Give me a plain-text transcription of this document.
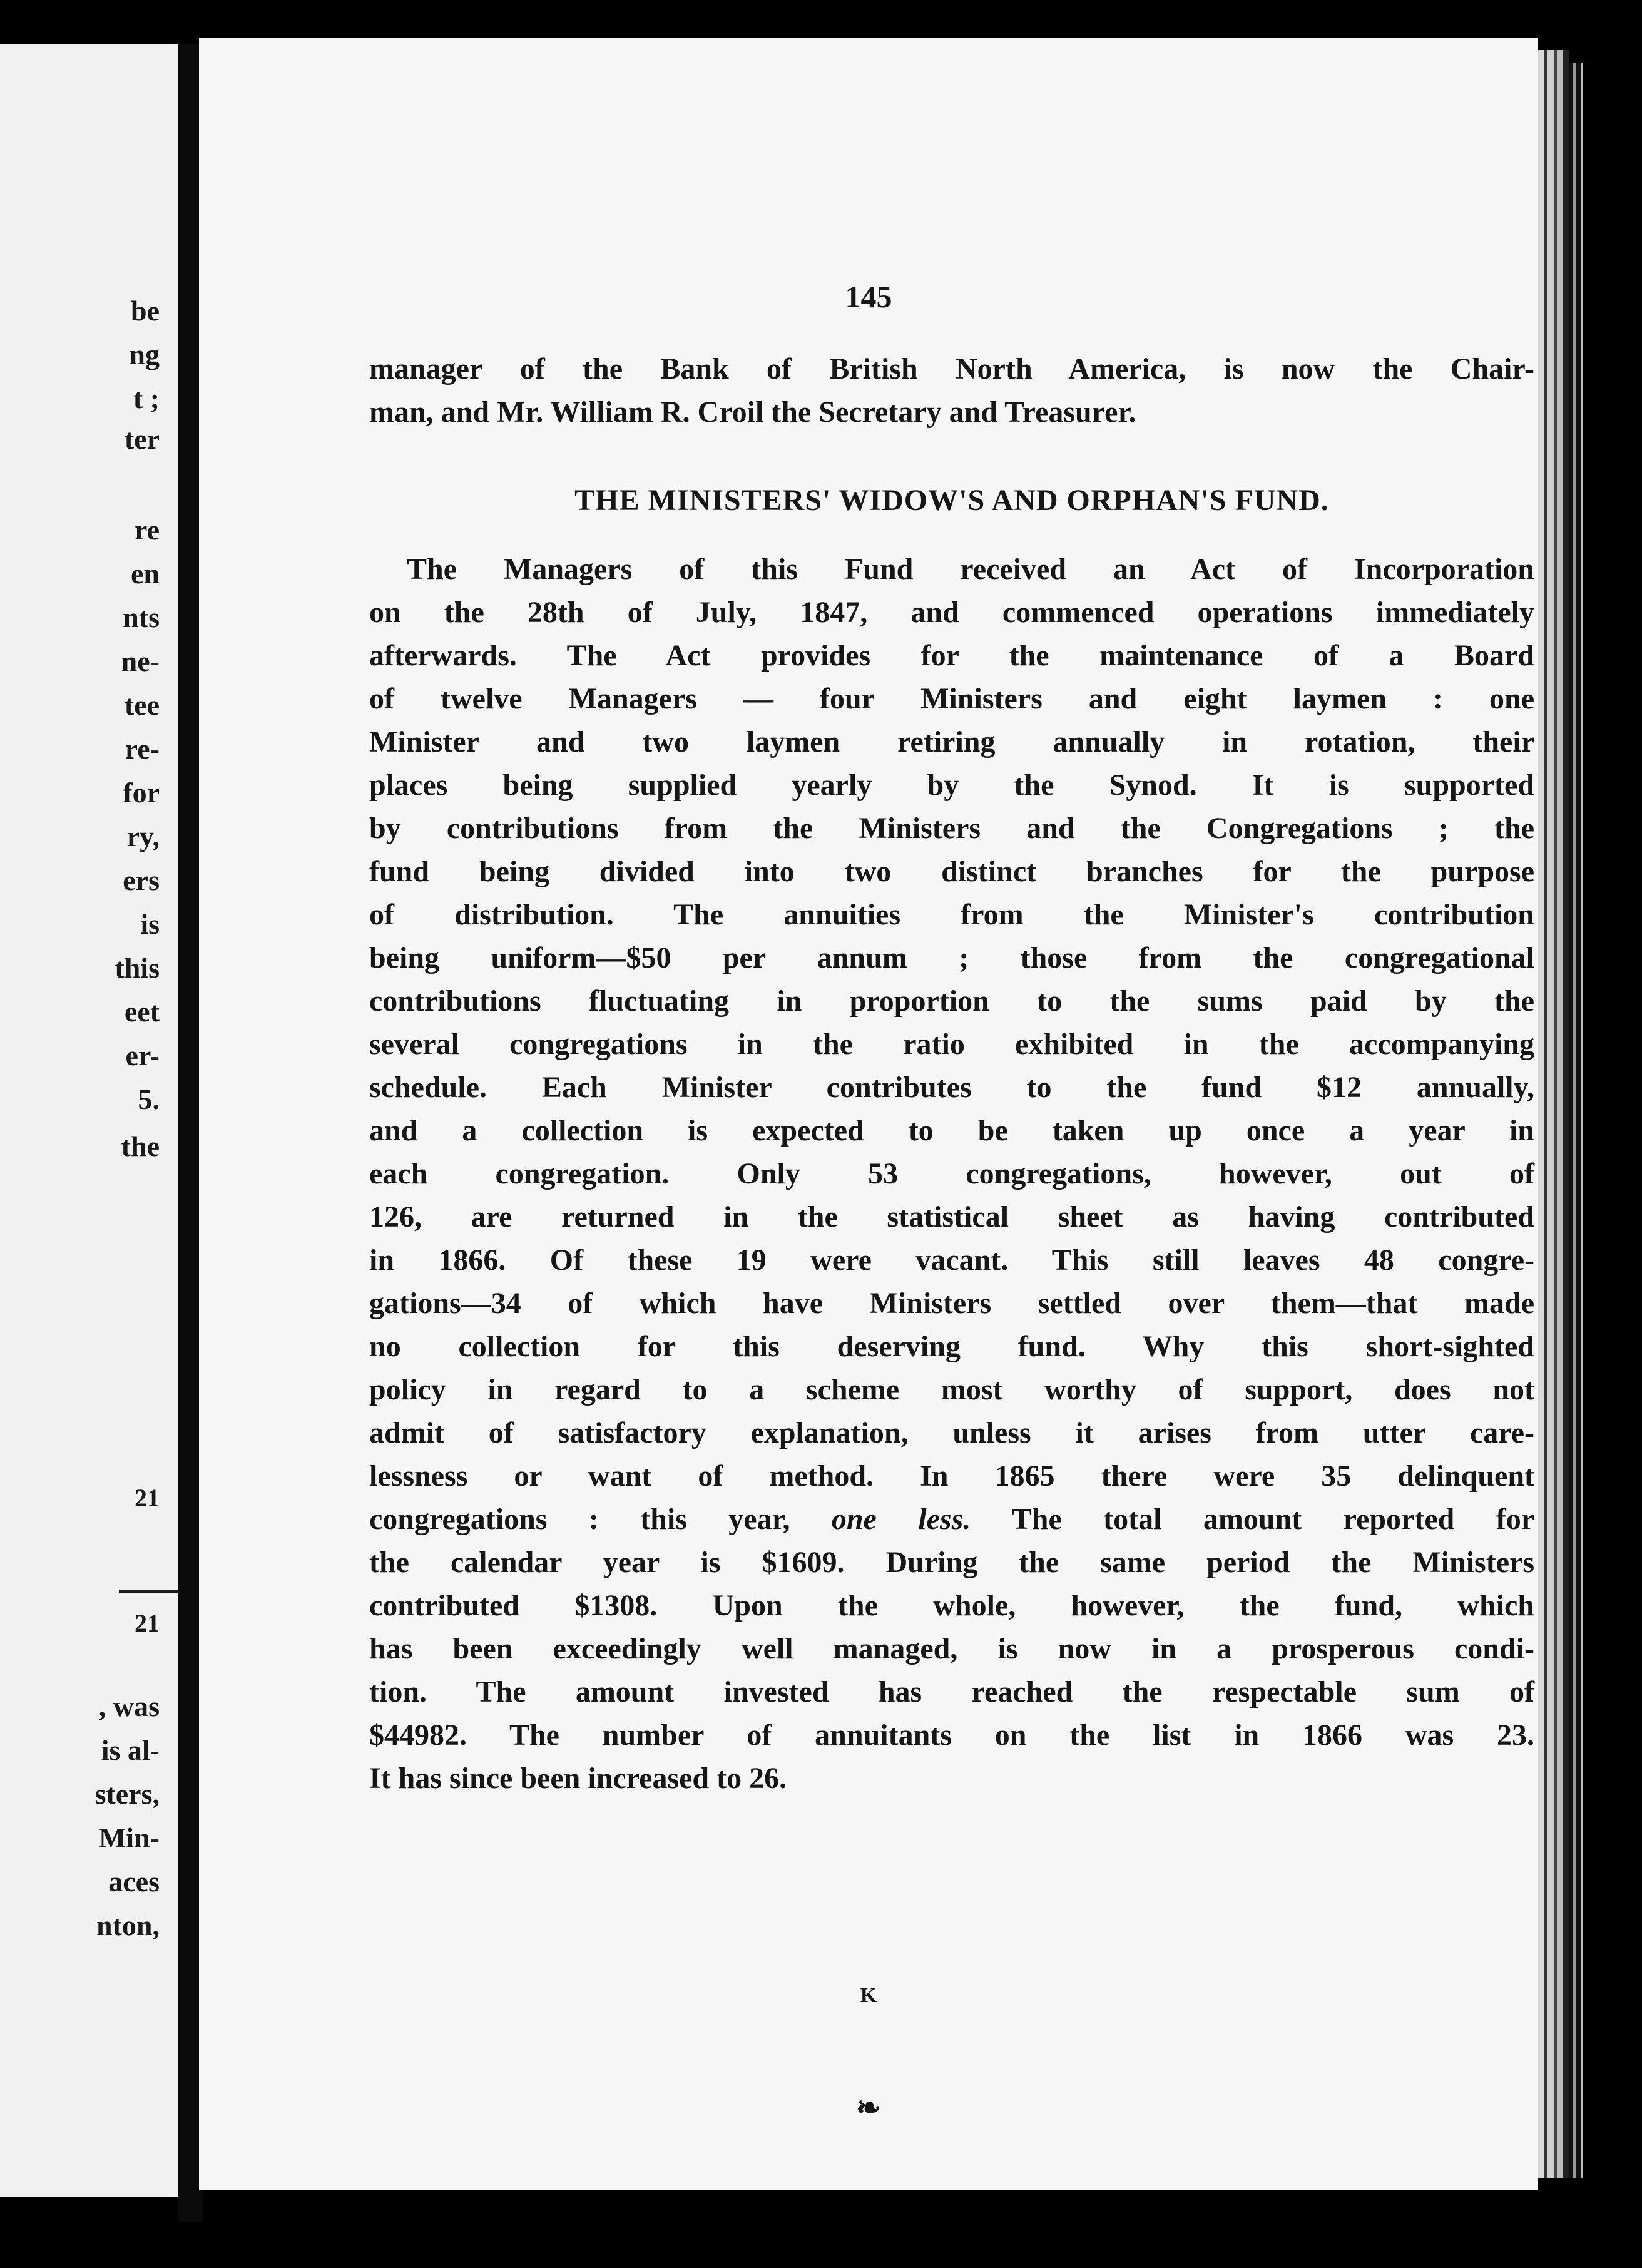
be

ng

t ;

ter

re

en

nts

ne-

tee

re-

for

ry,

ers

is

this

eet

er-

5.

the

21

21

, was

is al-

sters,

Min-

aces

nton,

145

manager of the Bank of British North America, is now the Chair-
man, and Mr. William R. Croil the Secretary and Treasurer.
THE MINISTERS' WIDOW'S AND ORPHAN'S FUND.
The Managers of this Fund received an Act of Incorporation
on the 28th of July, 1847, and commenced operations immediately
afterwards. The Act provides for the maintenance of a Board
of twelve Managers — four Ministers and eight laymen : one
Minister and two laymen retiring annually in rotation, their
places being supplied yearly by the Synod. It is supported
by contributions from the Ministers and the Congregations ; the
fund being divided into two distinct branches for the purpose
of distribution. The annuities from the Minister's contribution
being uniform—$50 per annum ; those from the congregational
contributions fluctuating in proportion to the sums paid by the
several congregations in the ratio exhibited in the accompanying
schedule. Each Minister contributes to the fund $12 annually,
and a collection is expected to be taken up once a year in
each congregation. Only 53 congregations, however, out of
126, are returned in the statistical sheet as having contributed
in 1866. Of these 19 were vacant. This still leaves 48 congre-
gations—34 of which have Ministers settled over them—that made
no collection for this deserving fund. Why this short-sighted
policy in regard to a scheme most worthy of support, does not
admit of satisfactory explanation, unless it arises from utter care-
lessness or want of method. In 1865 there were 35 delinquent
congregations : this year, one less. The total amount reported for
the calendar year is $1609. During the same period the Ministers
contributed $1308. Upon the whole, however, the fund, which
has been exceedingly well managed, is now in a prosperous condi-
tion. The amount invested has reached the respectable sum of
$44982. The number of annuitants on the list in 1866 was 23.
It has since been increased to 26.

K

❧
